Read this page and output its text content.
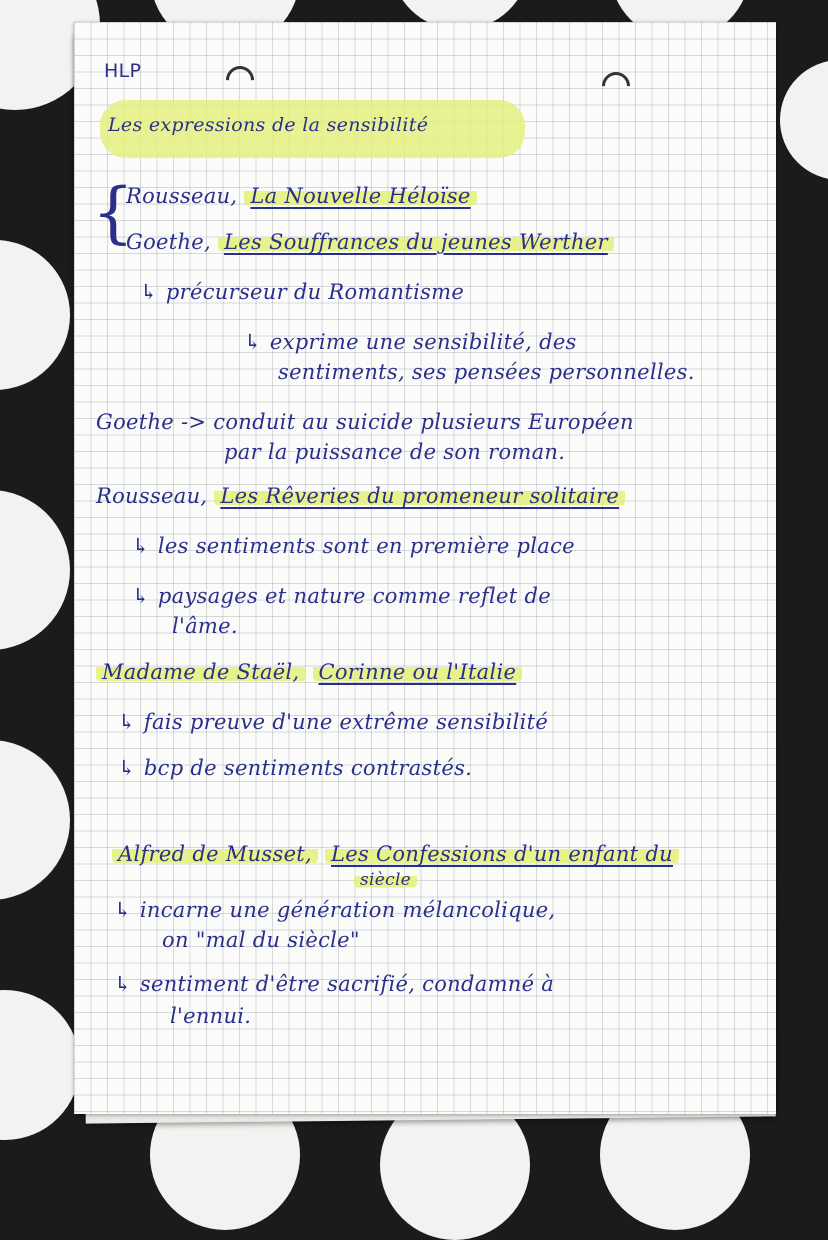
HLP
Les expressions de la sensibilité
{
Rousseau, La Nouvelle Héloïse
Goethe, Les Souffrances du jeunes Werther
↳ précurseur du Romantisme
↳ exprime une sensibilité, des
sentiments, ses pensées personnelles.
Goethe -> conduit au suicide plusieurs Européen
par la puissance de son roman.
Rousseau, Les Rêveries du promeneur solitaire
↳ les sentiments sont en première place
↳ paysages et nature comme reflet de
l'âme.
Madame de Staël, Corinne ou l'Italie
↳ fais preuve d'une extrême sensibilité
↳ bcp de sentiments contrastés.
Alfred de Musset, Les Confessions d'un enfant du
siècle
↳ incarne une génération mélancolique,
on "mal du siècle"
↳ sentiment d'être sacrifié, condamné à
l'ennui.
